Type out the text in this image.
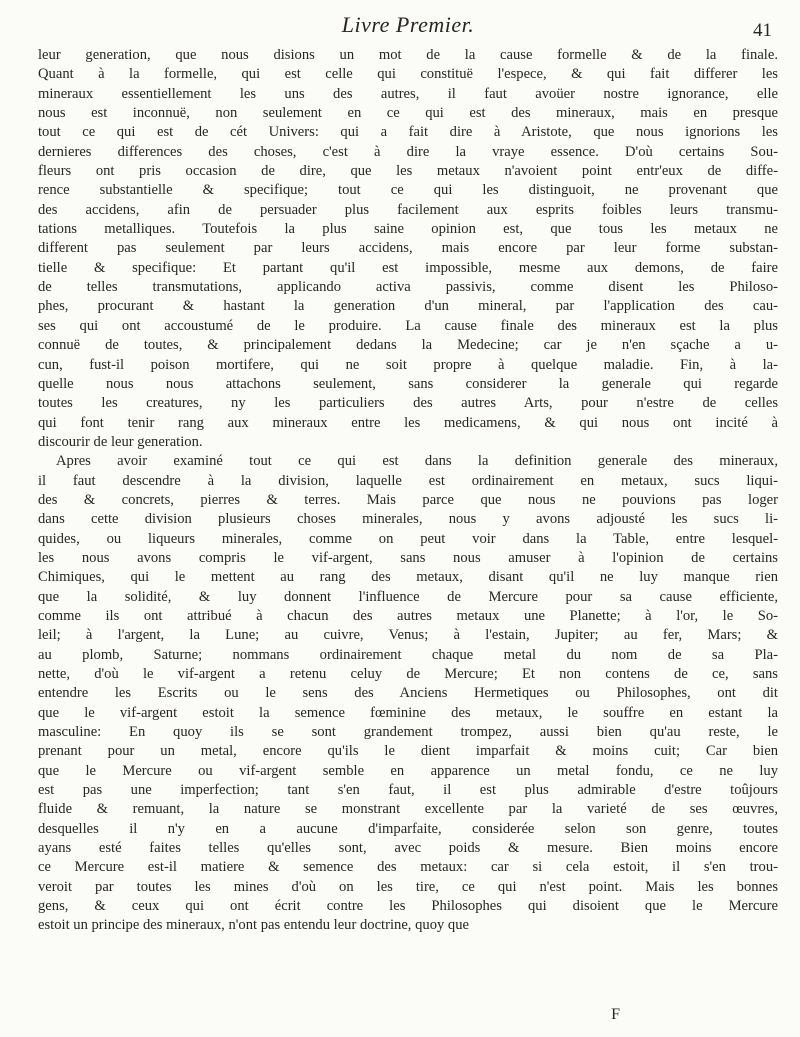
Livre Premier.	41
leur generation, que nous disions un mot de la cause formelle & de la finale.
Quant à la formelle, qui est celle qui constituë l'espece, & qui fait differer les
mineraux essentiellement les uns des autres, il faut avoüer nostre ignorance, elle
nous est inconnuë, non seulement en ce qui est des mineraux, mais en presque
tout ce qui est de cét Univers: qui a fait dire à Aristote, que nous ignorions les
dernieres differences des choses, c'est à dire la vraye essence. D'où certains Sou-
fleurs ont pris occasion de dire, que les metaux n'avoient point entr'eux de diffe-
rence substantielle & specifique; tout ce qui les distinguoit, ne provenant que
des accidens, afin de persuader plus facilement aux esprits foibles leurs transmu-
tations metalliques. Toutefois la plus saine opinion est, que tous les metaux ne
different pas seulement par leurs accidens, mais encore par leur forme substan-
tielle & specifique: Et partant qu'il est impossible, mesme aux demons, de faire
de telles transmutations, applicando activa passivis, comme disent les Philoso-
phes, procurant & hastant la generation d'un mineral, par l'application des cau-
ses qui ont accoustumé de le produire. La cause finale des mineraux est la plus
connuë de toutes, & principalement dedans la Medecine; car je n'en sçache a u-
cun, fust-il poison mortifere, qui ne soit propre à quelque maladie. Fin, à la-
quelle nous nous attachons seulement, sans considerer la generale qui regarde
toutes les creatures, ny les particuliers des autres Arts, pour n'estre de celles
qui font tenir rang aux mineraux entre les medicamens, & qui nous ont incité à
discourir de leur generation.
Apres avoir examiné tout ce qui est dans la definition generale des mineraux,
il faut descendre à la division, laquelle est ordinairement en metaux, sucs liqui-
des & concrets, pierres & terres. Mais parce que nous ne pouvions pas loger
dans cette division plusieurs choses minerales, nous y avons adjousté les sucs li-
quides, ou liqueurs minerales, comme on peut voir dans la Table, entre lesquel-
les nous avons compris le vif-argent, sans nous amuser à l'opinion de certains
Chimiques, qui le mettent au rang des metaux, disant qu'il ne luy manque rien
que la solidité, & luy donnent l'influence de Mercure pour sa cause efficiente,
comme ils ont attribué à chacun des autres metaux une Planette; à l'or, le So-
leil; à l'argent, la Lune; au cuivre, Venus; à l'estain, Jupiter; au fer, Mars; &
au plomb, Saturne; nommans ordinairement chaque metal du nom de sa Pla-
nette, d'où le vif-argent a retenu celuy de Mercure; Et non contens de ce, sans
entendre les Escrits ou le sens des Anciens Hermetiques ou Philosophes, ont dit
que le vif-argent estoit la semence fœminine des metaux, le souffre en estant la
masculine: En quoy ils se sont grandement trompez, aussi bien qu'au reste, le
prenant pour un metal, encore qu'ils le dient imparfait & moins cuit; Car bien
que le Mercure ou vif-argent semble en apparence un metal fondu, ce ne luy
est pas une imperfection; tant s'en faut, il est plus admirable d'estre toûjours
fluide & remuant, la nature se monstrant excellente par la varieté de ses œuvres,
desquelles il n'y en a aucune d'imparfaite, considerée selon son genre, toutes
ayans esté faites telles qu'elles sont, avec poids & mesure. Bien moins encore
ce Mercure est-il matiere & semence des metaux: car si cela estoit, il s'en trou-
veroit par toutes les mines d'où on les tire, ce qui n'est point. Mais les bonnes
gens, & ceux qui ont écrit contre les Philosophes qui disoient que le Mercure
estoit un principe des mineraux, n'ont pas entendu leur doctrine, quoy que
F
